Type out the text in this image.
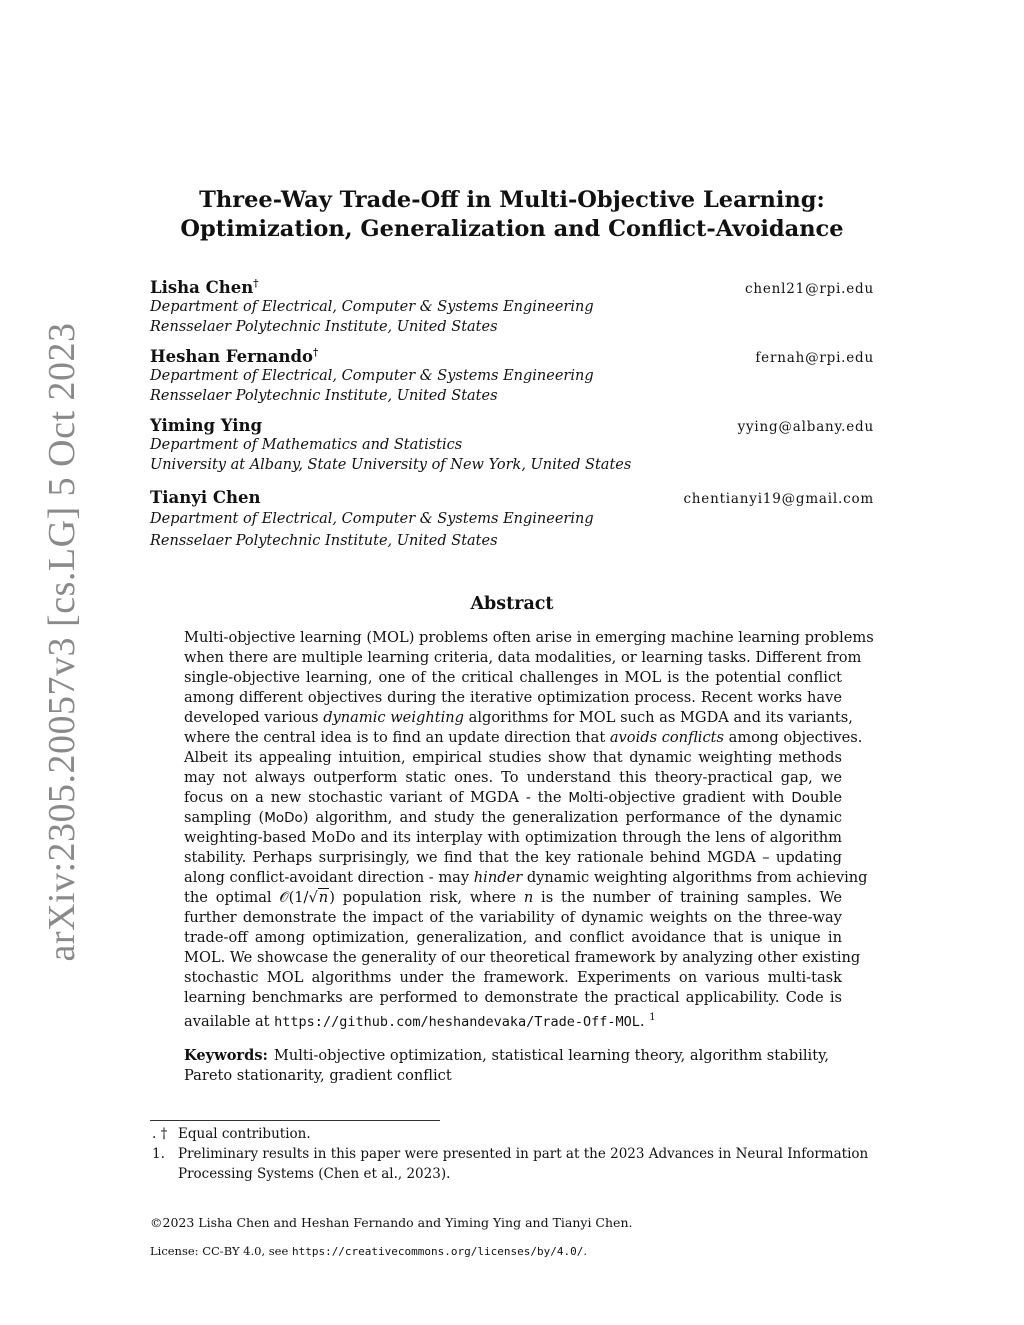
arXiv:2305.20057v3 [cs.LG] 5 Oct 2023
Three-Way Trade-Off in Multi-Objective Learning:
Optimization, Generalization and Conflict-Avoidance
Lisha Chen†	chenl21@rpi.edu
Department of Electrical, Computer & Systems Engineering
Rensselaer Polytechnic Institute, United States
Heshan Fernando†	fernah@rpi.edu
Department of Electrical, Computer & Systems Engineering
Rensselaer Polytechnic Institute, United States
Yiming Ying	yying@albany.edu
Department of Mathematics and Statistics
University at Albany, State University of New York, United States
Tianyi Chen	chentianyi19@gmail.com
Department of Electrical, Computer & Systems Engineering
Rensselaer Polytechnic Institute, United States
Abstract
Multi-objective learning (MOL) problems often arise in emerging machine learning problems
when there are multiple learning criteria, data modalities, or learning tasks. Different from
single-objective learning, one of the critical challenges in MOL is the potential conflict
among different objectives during the iterative optimization process. Recent works have
developed various dynamic weighting algorithms for MOL such as MGDA and its variants,
where the central idea is to find an update direction that avoids conflicts among objectives.
Albeit its appealing intuition, empirical studies show that dynamic weighting methods
may not always outperform static ones. To understand this theory-practical gap, we
focus on a new stochastic variant of MGDA - the Molti-objective gradient with Double
sampling (MoDo) algorithm, and study the generalization performance of the dynamic
weighting-based MoDo and its interplay with optimization through the lens of algorithm
stability. Perhaps surprisingly, we find that the key rationale behind MGDA – updating
along conflict-avoidant direction - may hinder dynamic weighting algorithms from achieving
the optimal 𝒪(1/√n) population risk, where n is the number of training samples. We
further demonstrate the impact of the variability of dynamic weights on the three-way
trade-off among optimization, generalization, and conflict avoidance that is unique in
MOL. We showcase the generality of our theoretical framework by analyzing other existing
stochastic MOL algorithms under the framework. Experiments on various multi-task
learning benchmarks are performed to demonstrate the practical applicability. Code is
available at https://github.com/heshandevaka/Trade-Off-MOL. $^1$
Keywords: Multi-objective optimization, statistical learning theory, algorithm stability,
Pareto stationarity, gradient conflict
. † Equal contribution.
1. Preliminary results in this paper were presented in part at the 2023 Advances in Neural Information
Processing Systems (Chen et al., 2023).
©2023 Lisha Chen and Heshan Fernando and Yiming Ying and Tianyi Chen.
License: CC-BY 4.0, see https://creativecommons.org/licenses/by/4.0/.
